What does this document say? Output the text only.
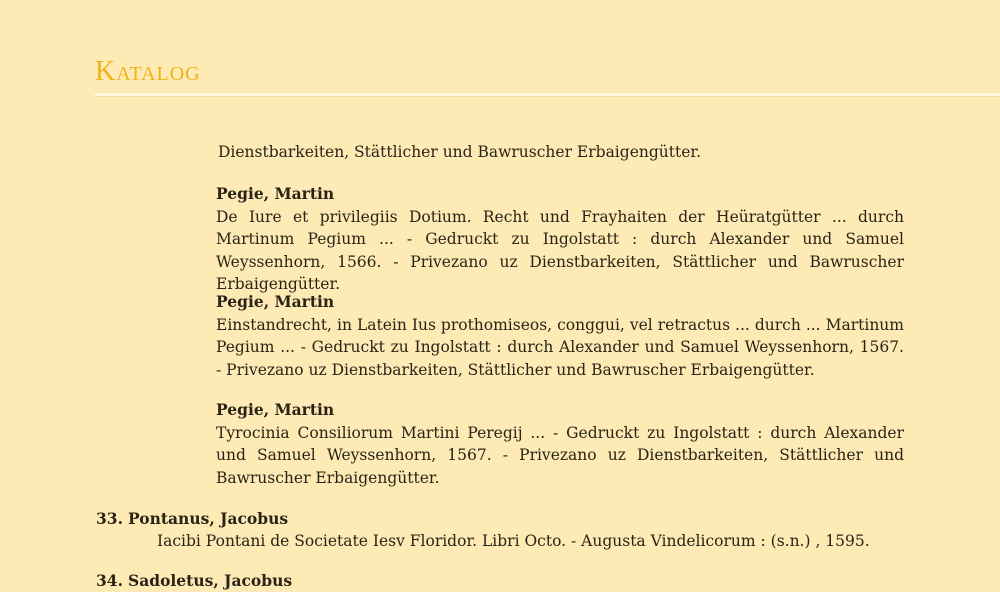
Katalog
Dienstbarkeiten, Stättlicher und Bawruscher Erbaigengütter.
Pegie, Martin
De Iure et privilegiis Dotium. Recht und Frayhaiten der Heüratgütter ... durch Martinum Pegium ... - Gedruckt zu Ingolstatt : durch Alexander und Samuel Weyssenhorn, 1566. - Privezano uz Dienstbarkeiten, Stättlicher und Bawruscher Erbaigengütter.
Pegie, Martin
Einstandrecht, in Latein Ius prothomiseos, conggui, vel retractus ... durch ... Martinum Pegium ... - Gedruckt zu Ingolstatt : durch Alexander und Samuel Weyssenhorn, 1567. - Privezano uz Dienstbarkeiten, Stättlicher und Bawruscher Erbaigengütter.
Pegie, Martin
Tyrocinia Consiliorum Martini Peregij ... - Gedruckt zu Ingolstatt : durch Alexander und Samuel Weyssenhorn, 1567. - Privezano uz Dienstbarkeiten, Stättlicher und Bawruscher Erbaigengütter.
33. Pontanus, Jacobus
Iacibi Pontani de Societate Iesv Floridor. Libri Octo. - Augusta Vindelicorum : (s.n.) , 1595.
34. Sadoletus, Jacobus
